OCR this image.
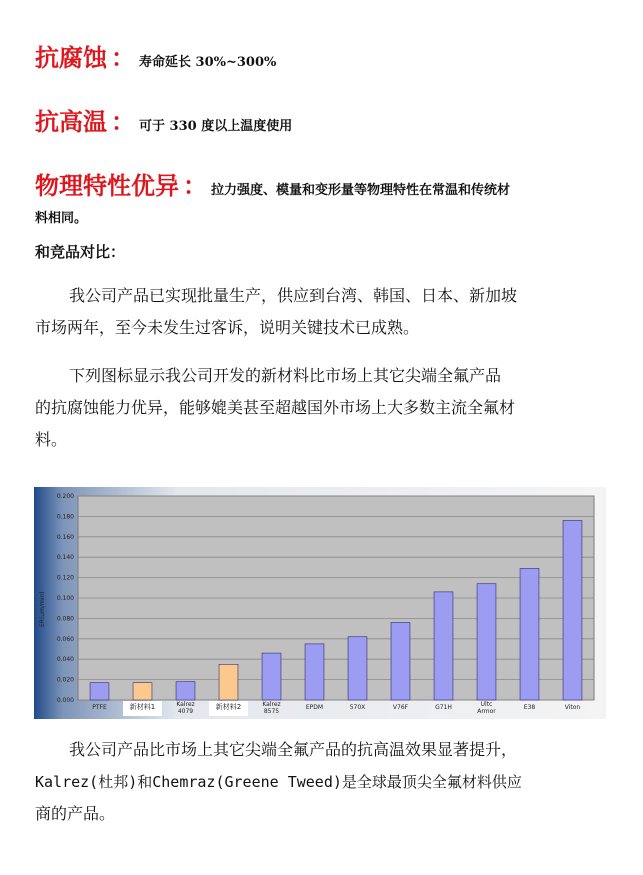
抗腐蚀 ： 寿命延长 30%~300%
抗高温 ： 可于 330 度以上温度使用
物理特性优异 ： 拉力强度、模量和变形量等物理特性在常温和传统材
料相同。
和竞品对比：
我公司产品已实现批量生产，供应到台湾、韩国、日本、新加坡
市场两年，至今未发生过客诉，说明关键技术已成熟。
下列图标显示我公司开发的新材料比市场上其它尖端全氟产品
的抗腐蚀能力优异，能够媲美甚至超越国外市场上大多数主流全氟材
料。
0.000
0.020
0.040
0.060
0.080
0.100
0.120
0.140
0.160
0.180
0.200
PTFE	新材料1	Kalrez 4079
新材料2	Kalrez 8575
EPDM	570X	V76F	G71H	Ultc Armor
E38	Viton
ER(um/min)
我公司产品比市场上其它尖端全氟产品的抗高温效果显著提升，
Kalrez(杜邦)和Chemraz(Greene Tweed)是全球最顶尖全氟材料供应
商的产品。
